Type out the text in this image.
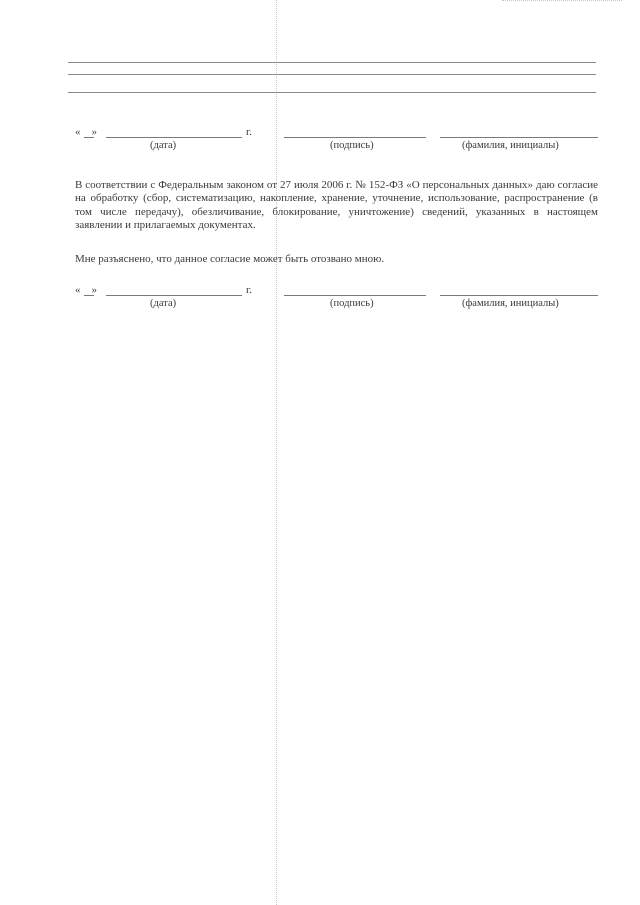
« »	г.
(дата)	(подпись)	(фамилия, инициалы)

В соответствии с Федеральным законом от 27 июля 2006 г. № 152-ФЗ «О персональных данных» даю согласие на обработку (сбор, систематизацию, накопление, хранение, уточнение, использование, распространение (в том числе передачу), обезличивание, блокирование, уничтожение) сведений, указанных в настоящем заявлении и прилагаемых документах.

Мне разъяснено, что данное согласие может быть отозвано мною.

« »	г.
(дата)	(подпись)	(фамилия, инициалы)
